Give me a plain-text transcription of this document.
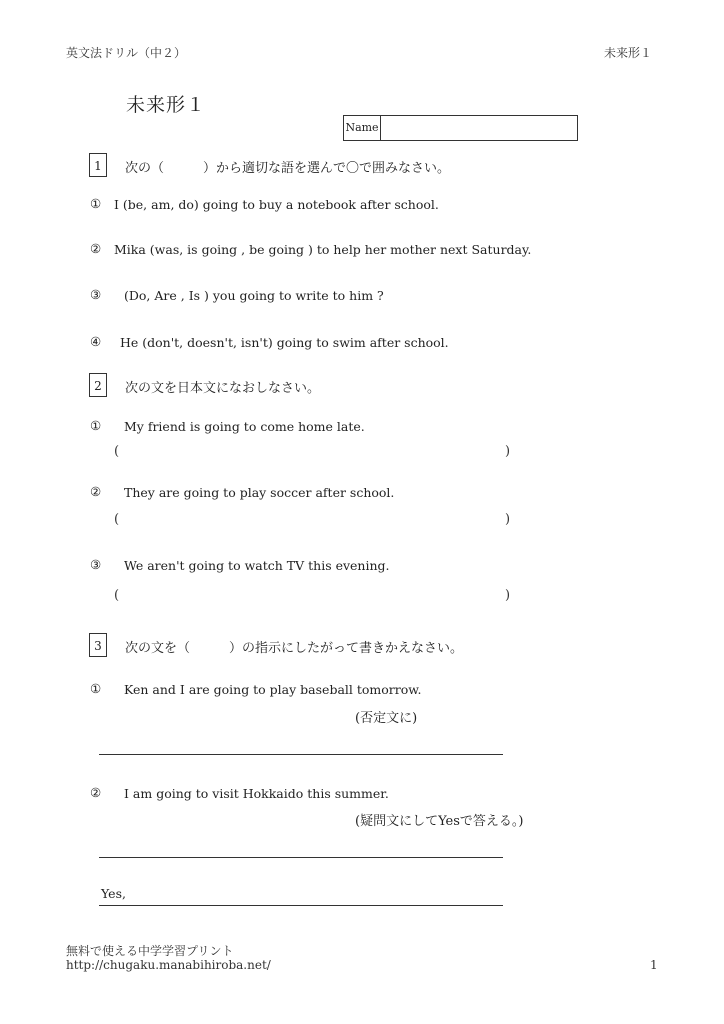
英文法ドリル（中２）	未来形１
未来形１
Name
1	次の（　　　）から適切な語を選んで〇で囲みなさい。
① I (be, am, do) going to buy a notebook after school.
② Mika (was, is going , be going ) to help her mother next Saturday.
③ (Do, Are , Is ) you going to write to him ?
④ He (don't, doesn't, isn't) going to swim after school.
2	次の文を日本文になおしなさい。
① My friend is going to come home late.
(	)
② They are going to play soccer after school.
(	)
③ We aren't going to watch TV this evening.
(	)
3	次の文を（　　　）の指示にしたがって書きかえなさい。
① Ken and I are going to play baseball tomorrow.
(否定文に)
② I am going to visit Hokkaido this summer.
(疑問文にしてYesで答える。)
Yes,
無料で使える中学学習プリント
http://chugaku.manabihiroba.net/	1
